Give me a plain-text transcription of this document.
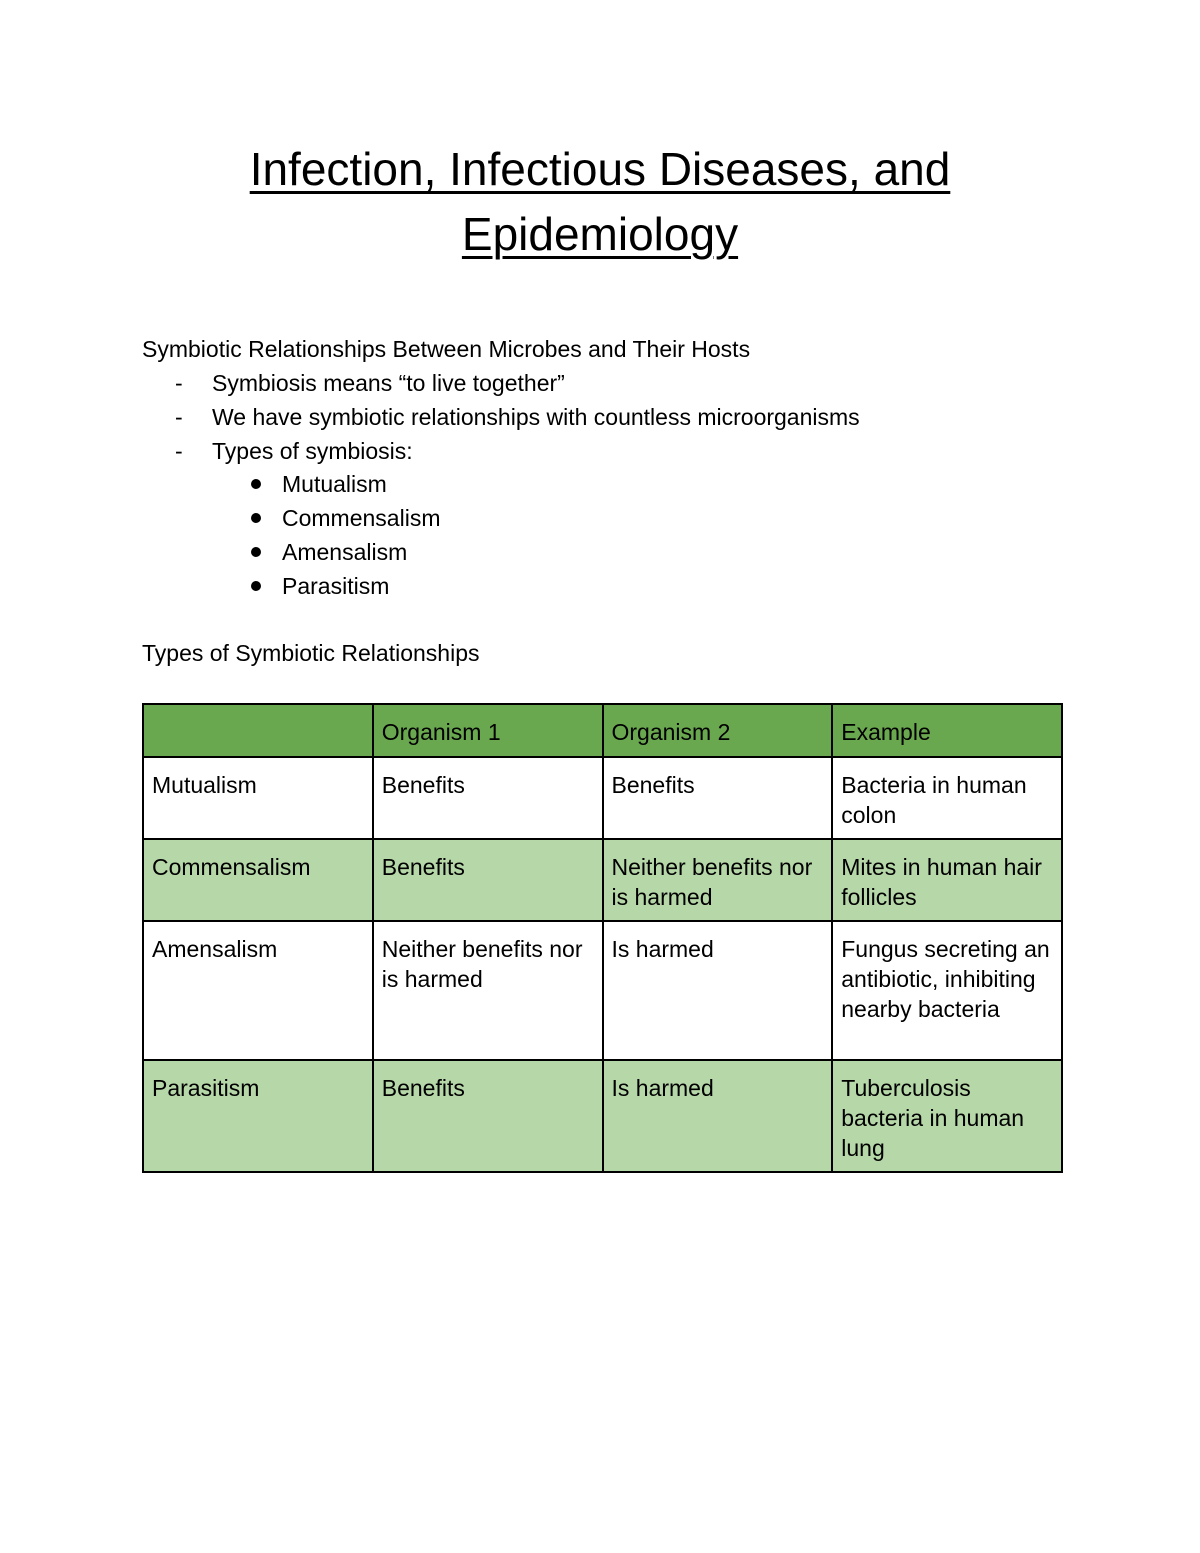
Infection, Infectious Diseases, and
Epidemiology
Symbiotic Relationships Between Microbes and Their Hosts
- Symbiosis means “to live together”
- We have symbiotic relationships with countless microorganisms
- Types of symbiosis:
Mutualism
Commensalism
Amensalism
Parasitism
Types of Symbiotic Relationships
	Organism 1	Organism 2	Example
Mutualism	Benefits	Benefits	Bacteria in human colon
Commensalism	Benefits	Neither benefits nor is harmed	Mites in human hair follicles
Amensalism	Neither benefits nor is harmed	Is harmed	Fungus secreting an antibiotic, inhibiting nearby bacteria
Parasitism	Benefits	Is harmed	Tuberculosis bacteria in human lung
